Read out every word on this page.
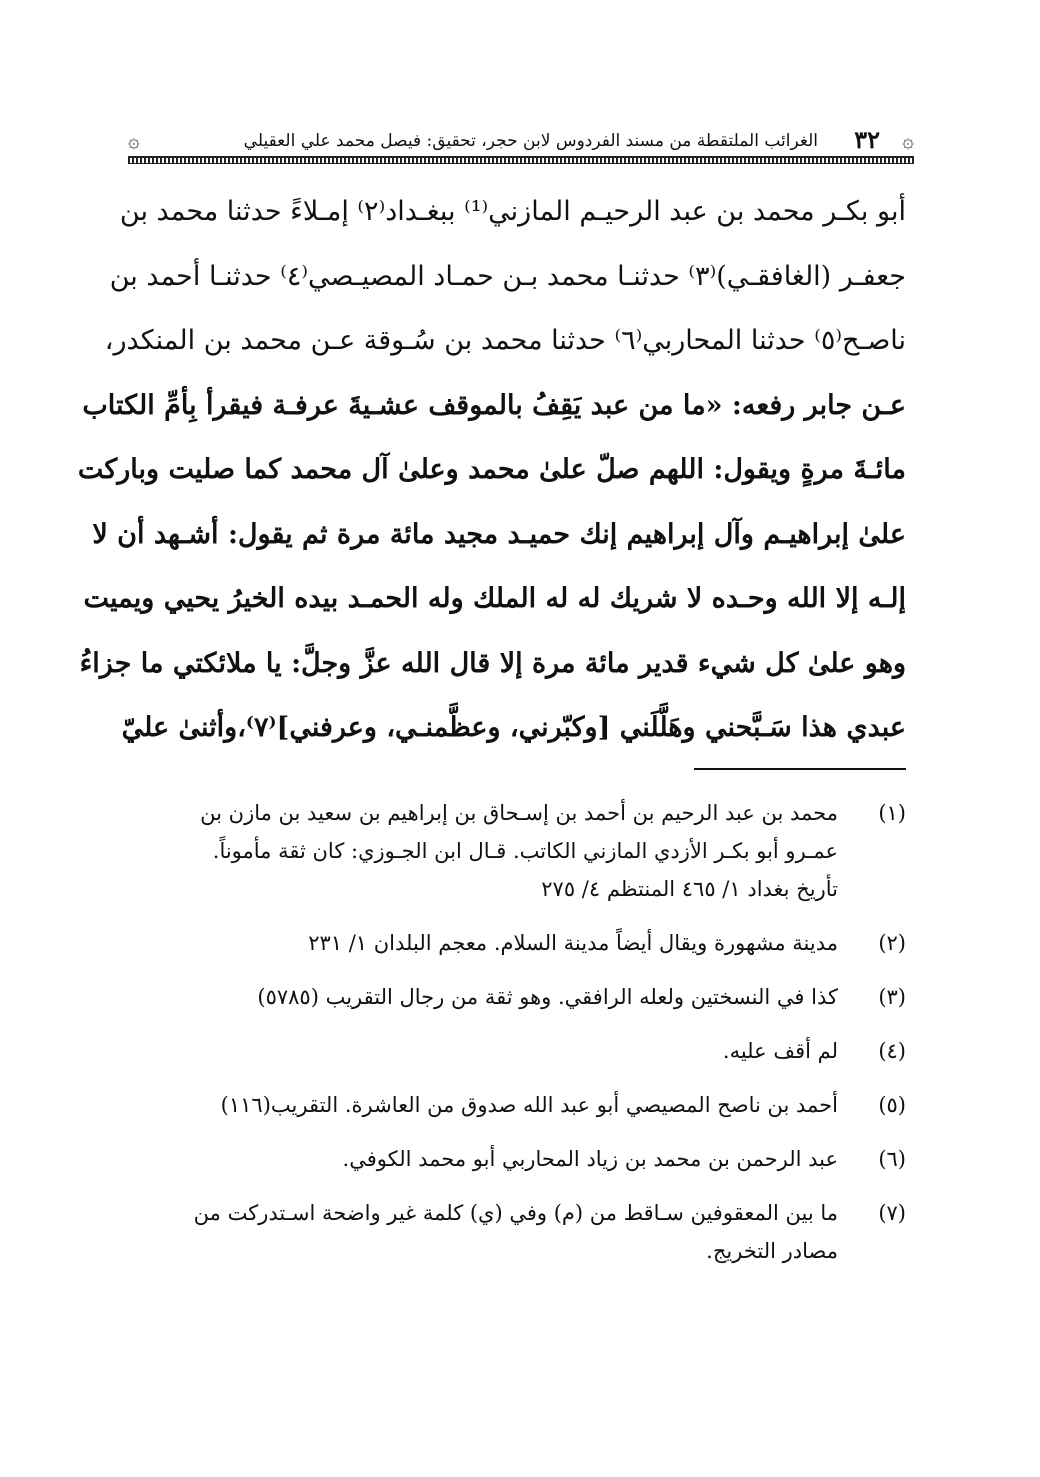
۞
٣٢
الغرائب الملتقطة من مسند الفردوس لابن حجر، تحقيق: فيصل محمد علي العقيلي
۞
أبو بكـر محمد بن عبد الرحيـم المازني⁽¹⁾ ببغـداد⁽٢⁾ إمـلاءً حدثنا محمد بن
جعفـر (الغافقـي)⁽٣⁾ حدثنـا محمد بـن حمـاد المصيـصي⁽٤⁾ حدثنـا أحمد بن
ناصـح⁽٥⁾ حدثنا المحاربي⁽٦⁾ حدثنا محمد بن سُـوقة عـن محمد بن المنكدر،
عـن جابر رفعه: «ما من عبد يَقِفُ بالموقف عشـيةَ عرفـة فيقرأ بِأمِّ الكتاب
مائـةَ مرةٍ ويقول: اللهم صلّ علىٰ محمد وعلىٰ آل محمد كما صليت وباركت
علىٰ إبراهيـم وآل إبراهيم إنك حميـد مجيد مائة مرة ثم يقول: أشـهد أن لا
إلـه إلا الله وحـده لا شريك له له الملك وله الحمـد بيده الخيرُ يحيي ويميت
وهو علىٰ كل شيء قدير مائة مرة إلا قال الله عزَّ وجلَّ: يا ملائكتي ما جزاءُ
عبدي هذا سَـبَّحني وهَلَّلَني [وكبّرني، وعظَّمنـي، وعرفني]⁽٧⁾،وأثنىٰ عليّ
(١)
محمد بن عبد الرحيم بن أحمد بن إسـحاق بن إبراهيم بن سعيد بن مازن بن
عمـرو أبو بكـر الأزدي المازني الكاتب. قـال ابن الجـوزي: كان ثقة مأموناً.
تأريخ بغداد ١/ ٤٦٥ المنتظم ٤/ ٢٧٥
(٢)
مدينة مشهورة ويقال أيضاً مدينة السلام. معجم البلدان ١/ ٢٣١
(٣)
كذا في النسختين ولعله الرافقي. وهو ثقة من رجال التقريب (٥٧٨٥)
(٤)
لم أقف عليه.
(٥)
أحمد بن ناصح المصيصي أبو عبد الله صدوق من العاشرة. التقريب(١١٦)
(٦)
عبد الرحمن بن محمد بن زياد المحاربي أبو محمد الكوفي.
(٧)
ما بين المعقوفين سـاقط من (م) وفي (ي) كلمة غير واضحة اسـتدركت من
مصادر التخريج.
